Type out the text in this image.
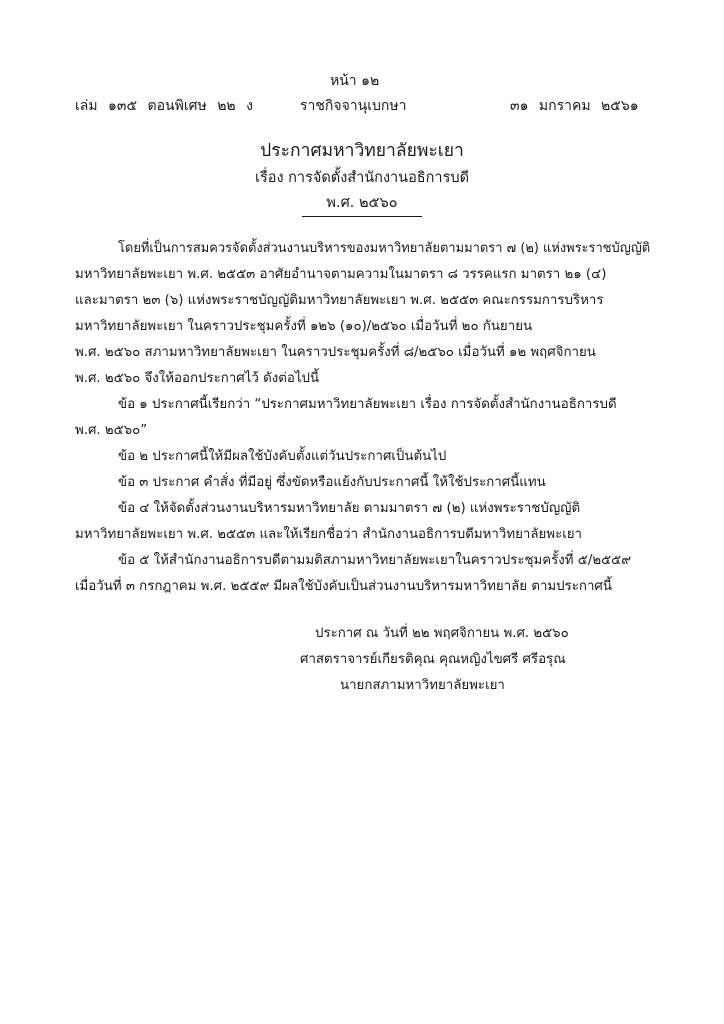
หน้า ๑๒
เล่ม ๑๓๕ ตอนพิเศษ ๒๒ ง	ราชกิจจานุเบกษา	๓๑ มกราคม ๒๕๖๑
ประกาศมหาวิทยาลัยพะเยา
เรื่อง การจัดตั้งสำนักงานอธิการบดี
พ.ศ. ๒๕๖๐
โดยที่เป็นการสมควรจัดตั้งส่วนงานบริหารของมหาวิทยาลัยตามมาตรา ๗ (๒) แห่งพระราชบัญญัติ
มหาวิทยาลัยพะเยา พ.ศ. ๒๕๕๓ อาศัยอำนาจตามความในมาตรา ๘ วรรคแรก มาตรา ๒๑ (๔)
และมาตรา ๒๓ (๖) แห่งพระราชบัญญัติมหาวิทยาลัยพะเยา พ.ศ. ๒๕๕๓ คณะกรรมการบริหาร
มหาวิทยาลัยพะเยา ในคราวประชุมครั้งที่ ๑๒๖ (๑๐)/๒๕๖๐ เมื่อวันที่ ๒๐ กันยายน
พ.ศ. ๒๕๖๐ สภามหาวิทยาลัยพะเยา ในคราวประชุมครั้งที่ ๘/๒๕๖๐ เมื่อวันที่ ๑๒ พฤศจิกายน
พ.ศ. ๒๕๖๐ จึงให้ออกประกาศไว้ ดังต่อไปนี้
ข้อ ๑ ประกาศนี้เรียกว่า “ประกาศมหาวิทยาลัยพะเยา เรื่อง การจัดตั้งสำนักงานอธิการบดี
พ.ศ. ๒๕๖๐”
ข้อ ๒ ประกาศนี้ให้มีผลใช้บังคับตั้งแต่วันประกาศเป็นต้นไป
ข้อ ๓ ประกาศ คำสั่ง ที่มีอยู่ ซึ่งขัดหรือแย้งกับประกาศนี้ ให้ใช้ประกาศนี้แทน
ข้อ ๔ ให้จัดตั้งส่วนงานบริหารมหาวิทยาลัย ตามมาตรา ๗ (๒) แห่งพระราชบัญญัติ
มหาวิทยาลัยพะเยา พ.ศ. ๒๕๕๓ และให้เรียกชื่อว่า สำนักงานอธิการบดีมหาวิทยาลัยพะเยา
ข้อ ๕ ให้สำนักงานอธิการบดีตามมติสภามหาวิทยาลัยพะเยาในคราวประชุมครั้งที่ ๕/๒๕๕๙
เมื่อวันที่ ๓ กรกฎาคม พ.ศ. ๒๕๕๙ มีผลใช้บังคับเป็นส่วนงานบริหารมหาวิทยาลัย ตามประกาศนี้
ประกาศ ณ วันที่ ๒๒ พฤศจิกายน พ.ศ. ๒๕๖๐
ศาสตราจารย์เกียรติคุณ คุณหญิงไขศรี ศรีอรุณ
นายกสภามหาวิทยาลัยพะเยา
